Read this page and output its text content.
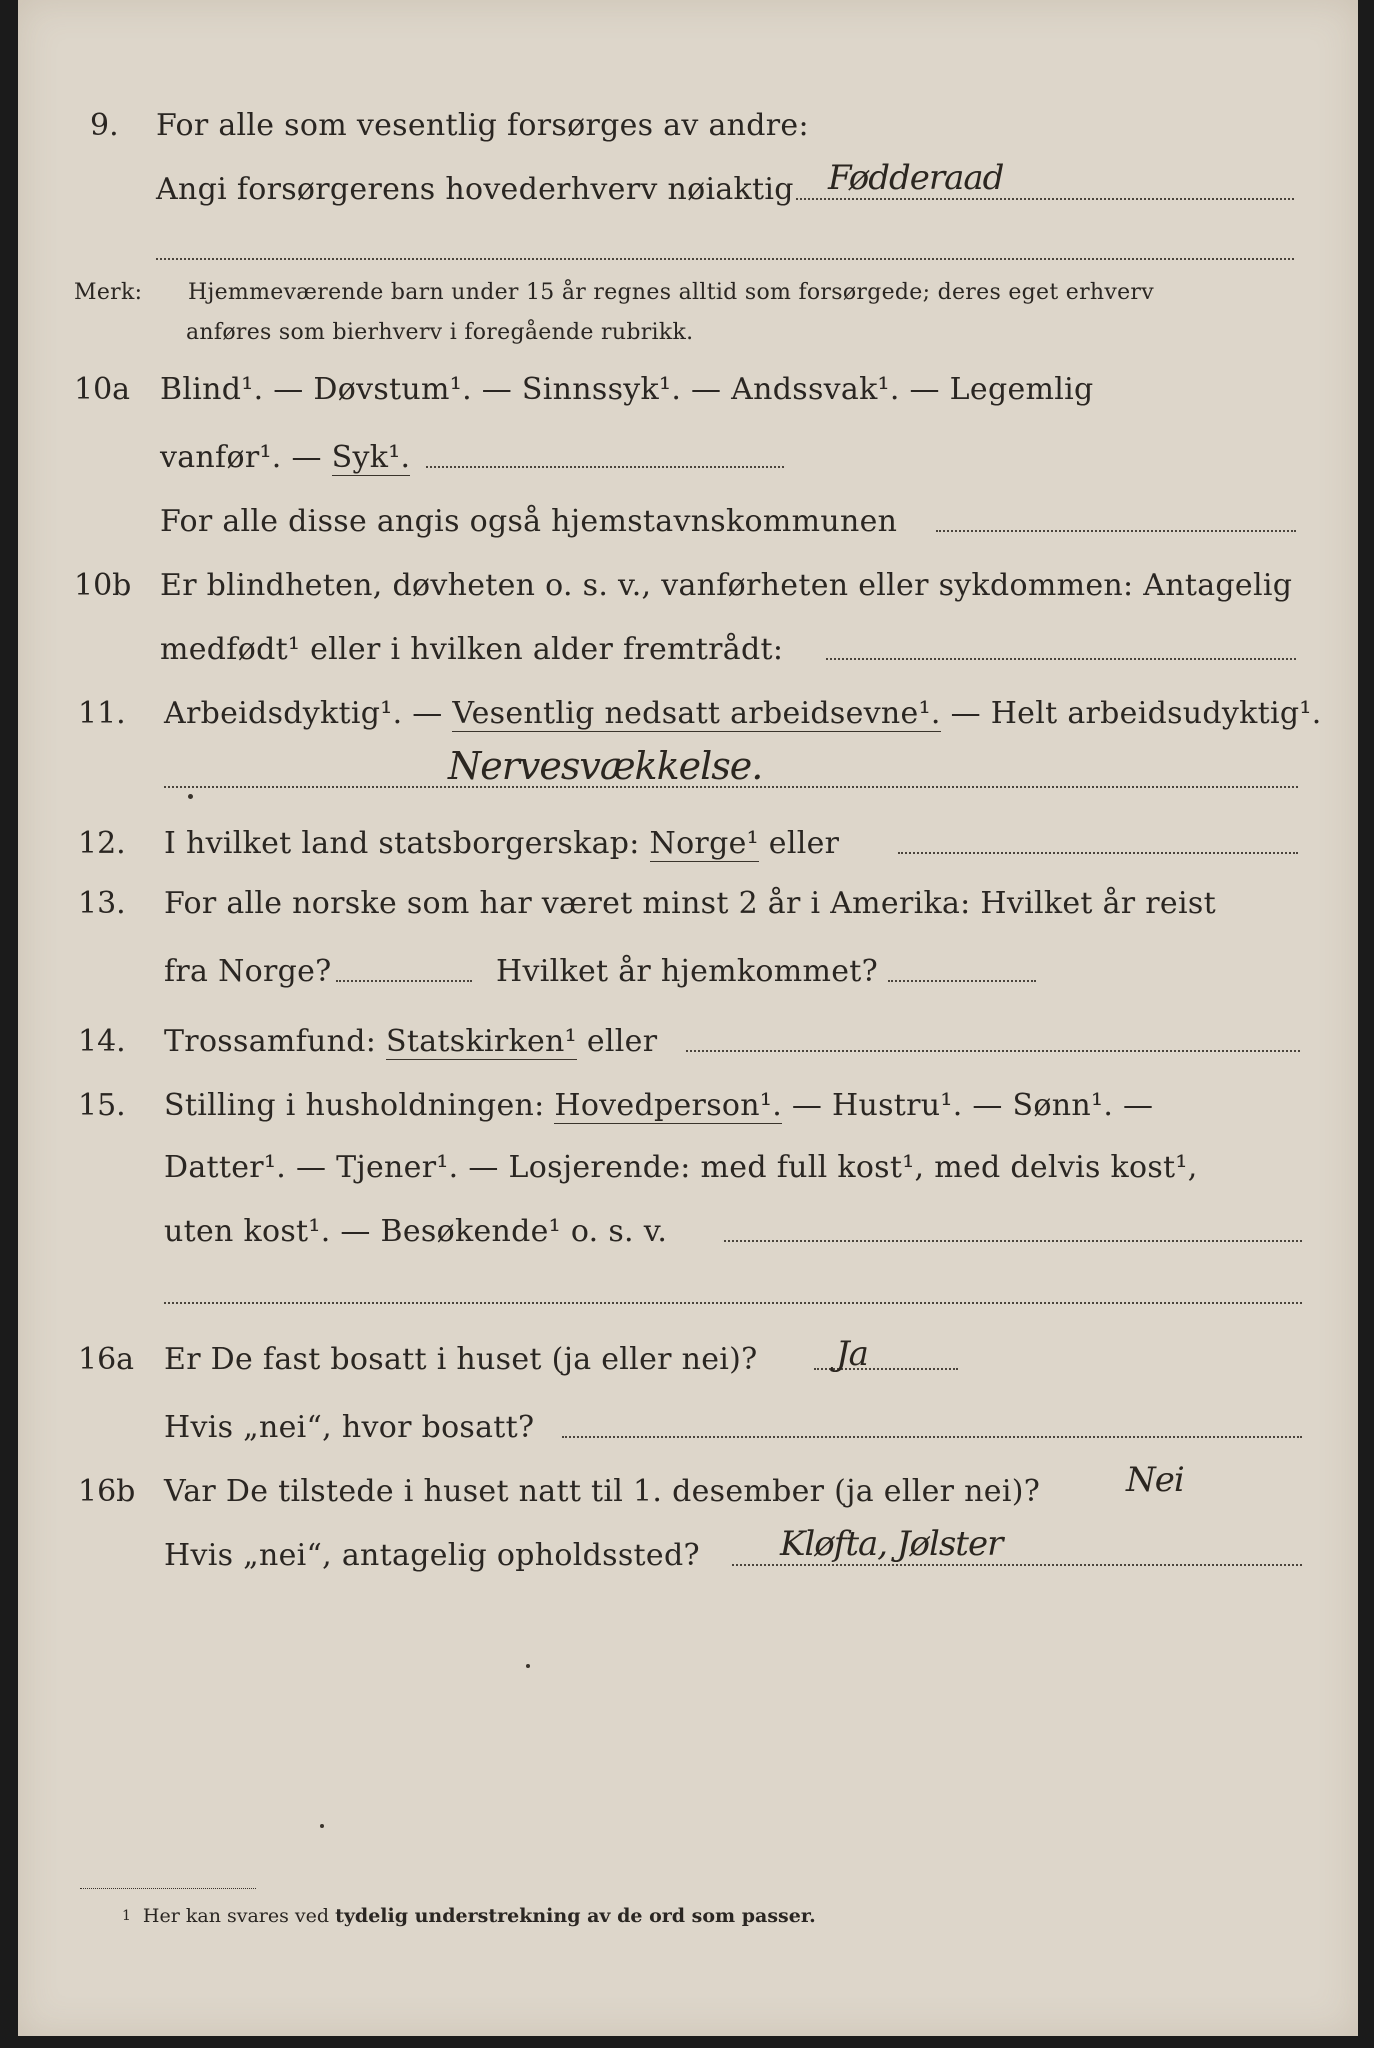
9. For alle som vesentlig forsørges av andre:
Angi forsørgerens hovederhverv nøiaktig Fødderaad
Merk: Hjemmeværende barn under 15 år regnes alltid som forsørgede; deres eget erhverv
anføres som bierhverv i foregående rubrikk.
10a Blind¹. — Døvstum¹. — Sinnssyk¹. — Andssvak¹. — Legemlig
vanfør¹. — Syk¹.
For alle disse angis også hjemstavnskommunen
10b Er blindheten, døvheten o. s. v., vanførheten eller sykdommen: Antagelig
medfødt¹ eller i hvilken alder fremtrådt:
11. Arbeidsdyktig¹. — Vesentlig nedsatt arbeidsevne¹. — Helt arbeidsudyktig¹.
Nervesvækkelse.
12. I hvilket land statsborgerskap: Norge¹ eller
13. For alle norske som har været minst 2 år i Amerika: Hvilket år reist
fra Norge?	Hvilket år hjemkommet?
14. Trossamfund: Statskirken¹ eller
15. Stilling i husholdningen: Hovedperson¹. — Hustru¹. — Sønn¹. —
Datter¹. — Tjener¹. — Losjerende: med full kost¹, med delvis kost¹,
uten kost¹. — Besøkende¹ o. s. v.
16a Er De fast bosatt i huset (ja eller nei)? Ja
Hvis „nei“, hvor bosatt?
16b Var De tilstede i huset natt til 1. desember (ja eller nei)?	Nei
Hvis „nei“, antagelig opholdssted? Kløfta, Jølster
$^1$ Her kan svares ved tydelig understrekning av de ord som passer.
